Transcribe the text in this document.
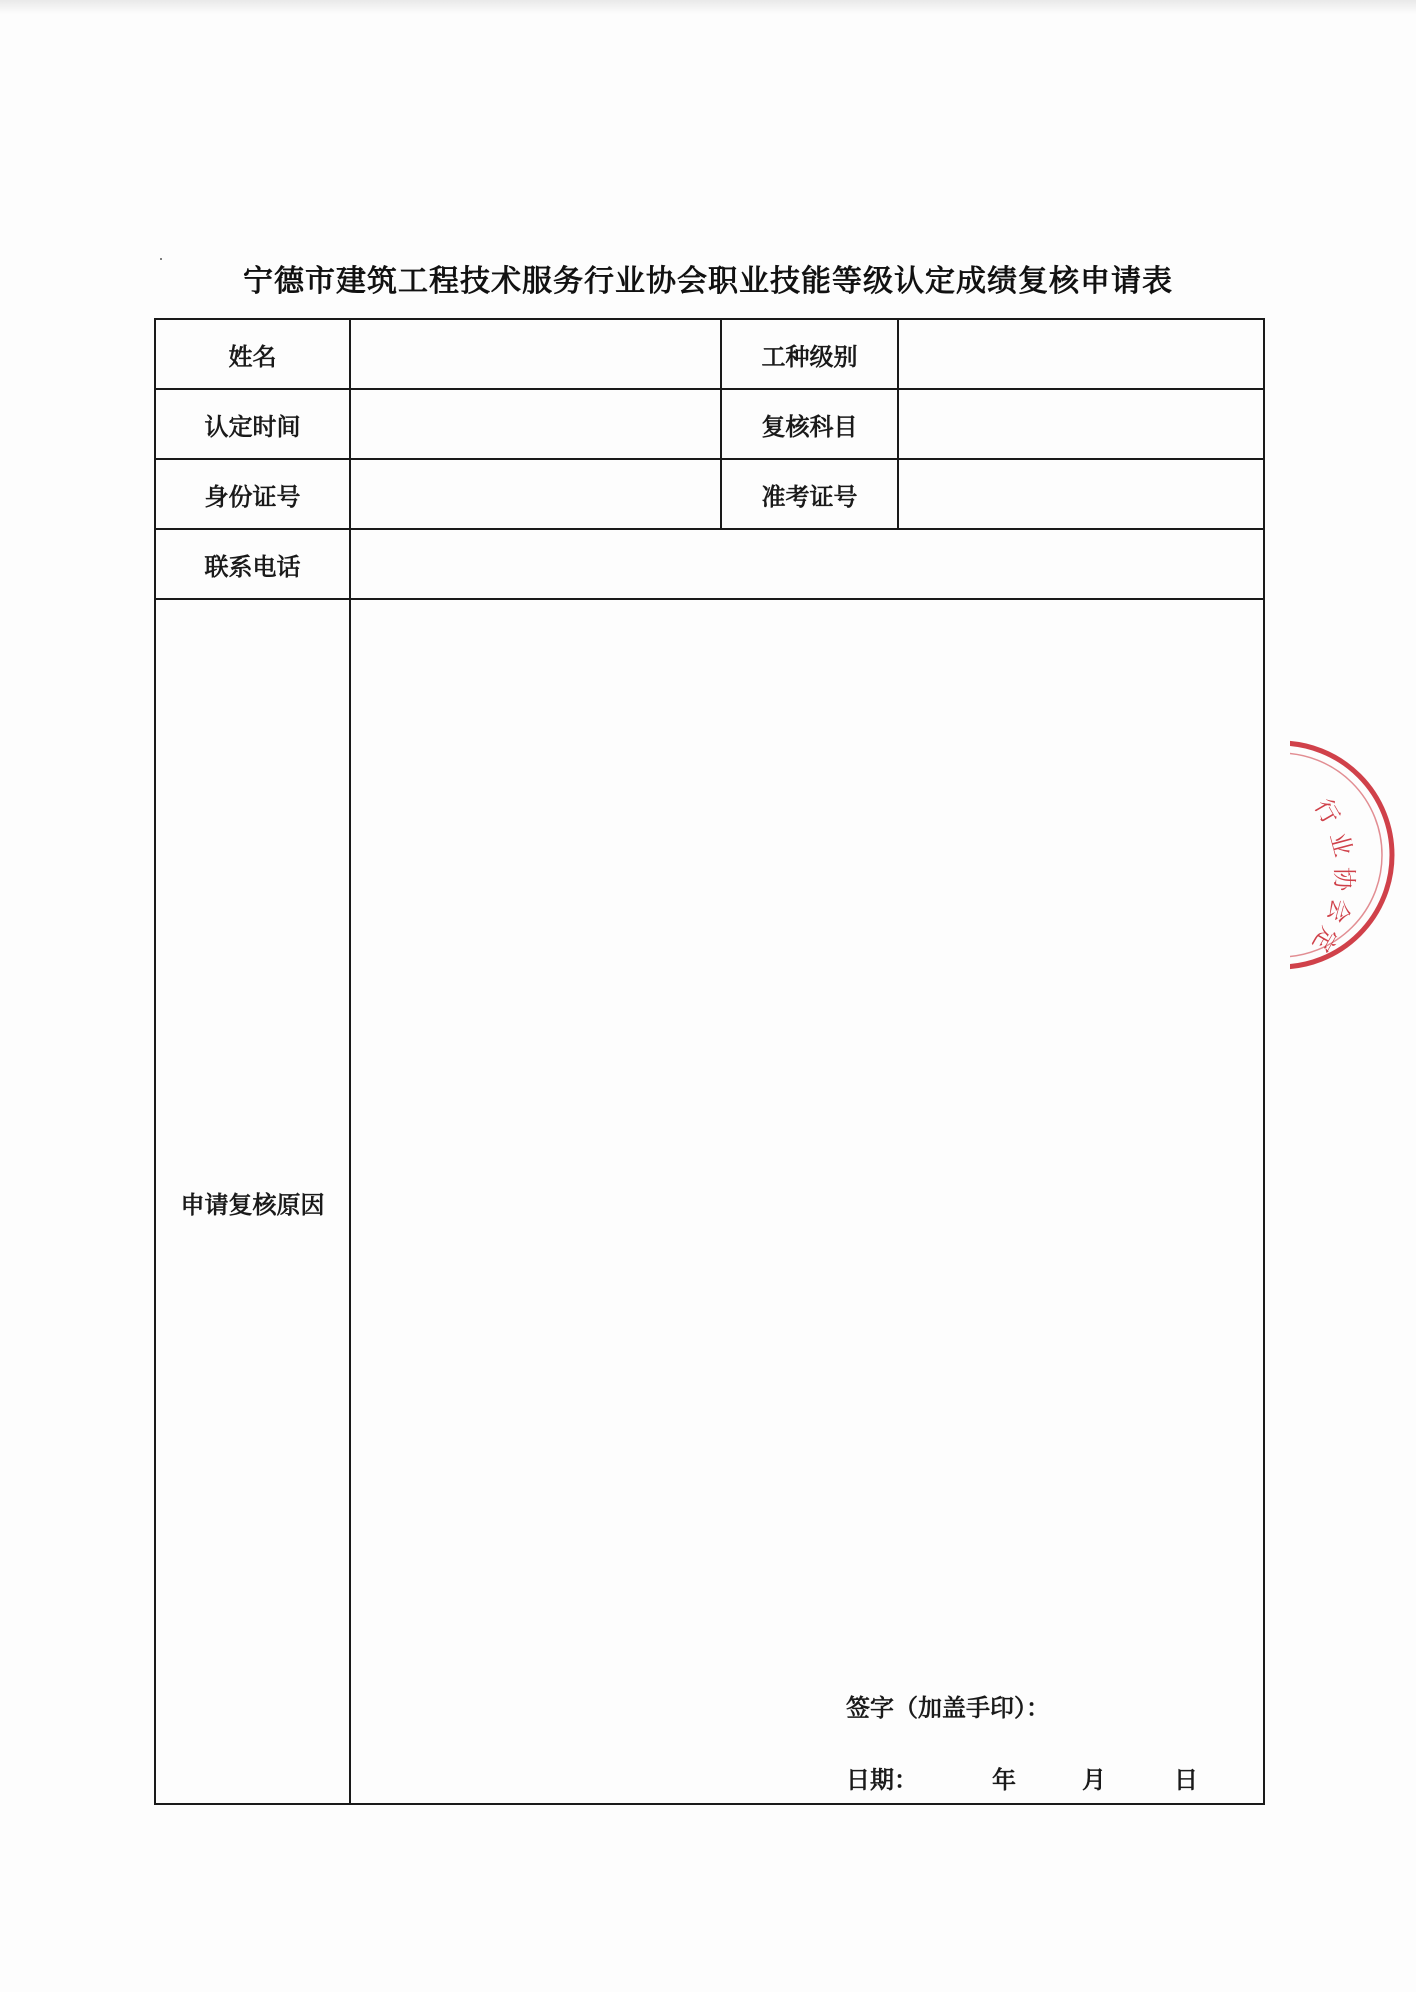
宁德市建筑工程技术服务行业协会职业技能等级认定成绩复核申请表
姓名	工种级别
认定时间	复核科目
身份证号	准考证号
联系电话
申请复核原因
签字（加盖手印）：
日期：	年	月	日
行
业
协
会
定
